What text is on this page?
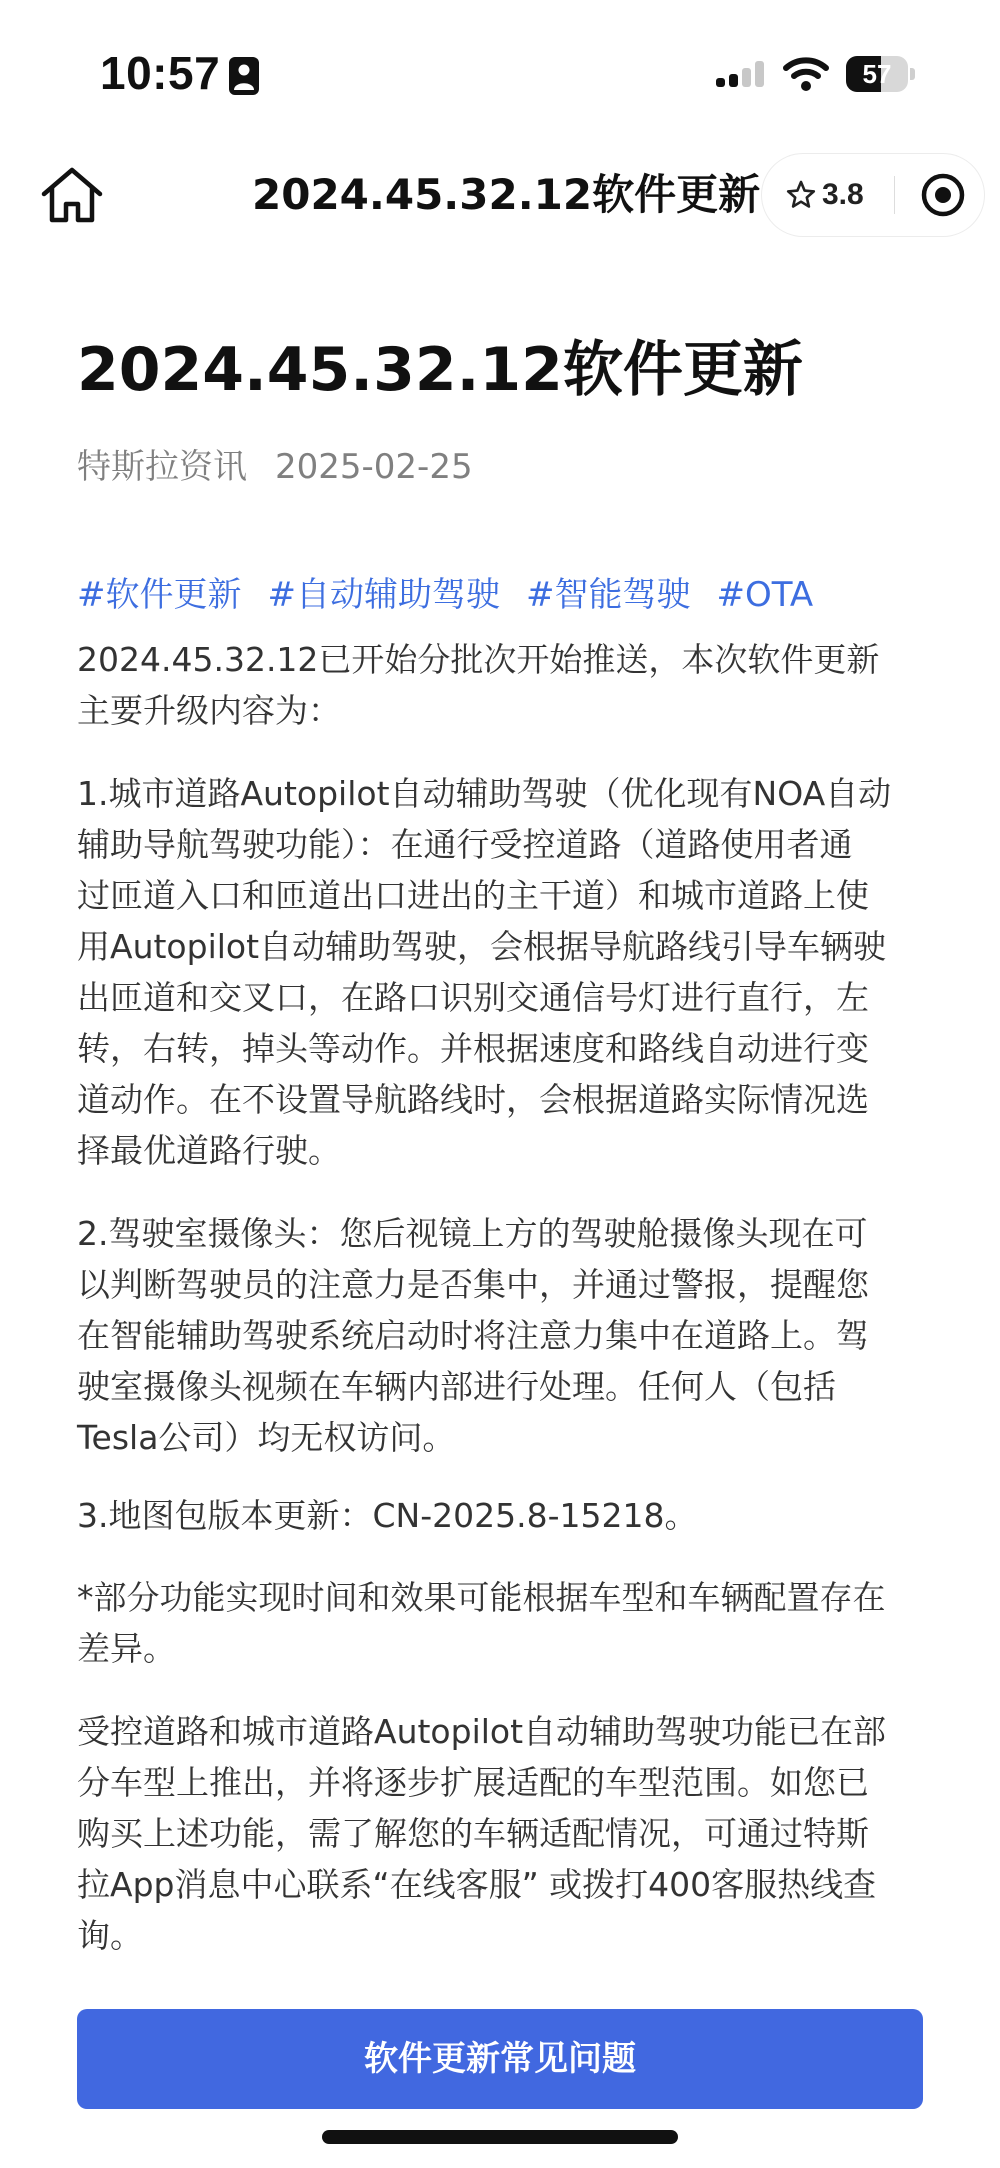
10:57	57
2024.45.32.12软件更新 3.8
2024.45.32.12软件更新
特斯拉资讯 2025-02-25
#软件更新 #自动辅助驾驶 #智能驾驶 #OTA
2024.45.32.12已开始分批次开始推送，本次软件更新
主要升级内容为：
1.城市道路Autopilot自动辅助驾驶（优化现有NOA自动
辅助导航驾驶功能）：在通行受控道路（道路使用者通
过匝道入口和匝道出口进出的主干道）和城市道路上使
用Autopilot自动辅助驾驶，会根据导航路线引导车辆驶
出匝道和交叉口，在路口识别交通信号灯进行直行，左
转，右转，掉头等动作。并根据速度和路线自动进行变
道动作。在不设置导航路线时，会根据道路实际情况选
择最优道路行驶。
2.驾驶室摄像头：您后视镜上方的驾驶舱摄像头现在可
以判断驾驶员的注意力是否集中，并通过警报，提醒您
在智能辅助驾驶系统启动时将注意力集中在道路上。驾
驶室摄像头视频在车辆内部进行处理。任何人（包括
Tesla公司）均无权访问。
3.地图包版本更新：CN-2025.8-15218。
*部分功能实现时间和效果可能根据车型和车辆配置存在
差异。
受控道路和城市道路Autopilot自动辅助驾驶功能已在部
分车型上推出，并将逐步扩展适配的车型范围。如您已
购买上述功能，需了解您的车辆适配情况，可通过特斯
拉App消息中心联系“在线客服” 或拨打400客服热线查
询。
软件更新常见问题
